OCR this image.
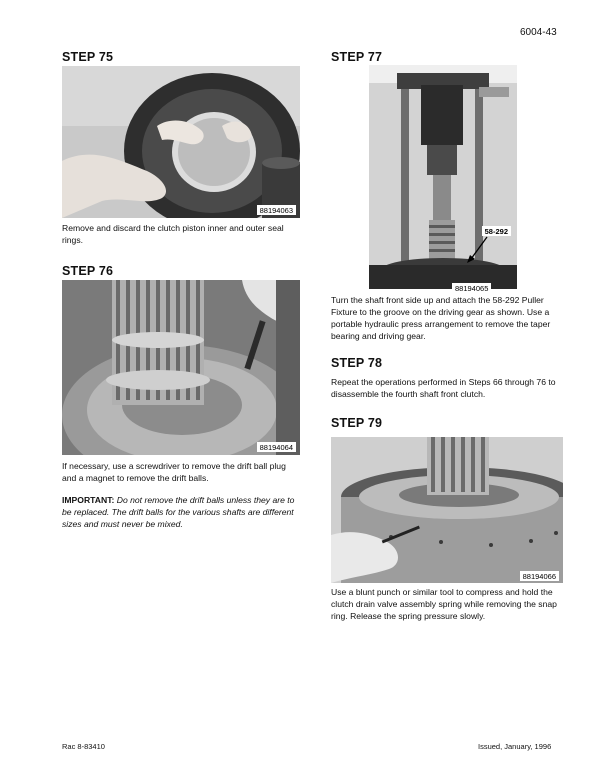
6004-43
STEP 75
88194063
Remove and discard the clutch piston inner and outer seal rings.
STEP 76
88194064
If necessary, use a screwdriver to remove the drift ball plug and a magnet to remove the drift balls.
IMPORTANT: Do not remove the drift balls unless they are to be replaced. The drift balls for the various shafts are different sizes and must never be mixed.
STEP 77
58-292
88194065
Turn the shaft front side up and attach the 58-292 Puller Fixture to the groove on the driving gear as shown. Use a portable hydraulic press arrangement to remove the taper bearing and driving gear.
STEP 78
Repeat the operations performed in Steps 66 through 76 to disassemble the fourth shaft front clutch.
STEP 79
88194066
Use a blunt punch or similar tool to compress and hold the clutch drain valve assembly spring while removing the snap ring. Release the spring pressure slowly.
Rac 8-83410	Issued, January, 1996
